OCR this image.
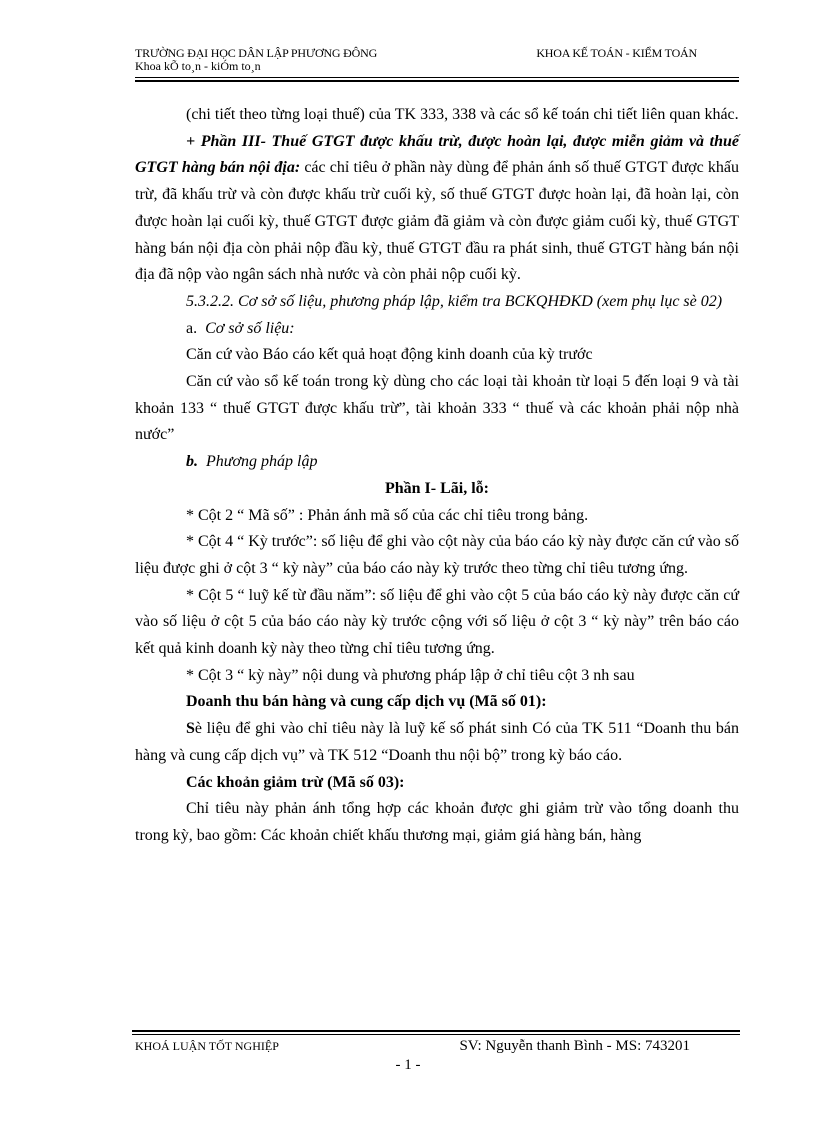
TRƯỜNG ĐẠI HỌC DÂN LẬP PHƯƠNG ĐÔNG	KHOA KẾ TOÁN - KIỂM TOÁN
Khoa kÕ to¸n - kiÓm to¸n

(chi tiết theo từng loại thuế) của TK 333, 338 và các sổ kế toán chi tiết liên quan khác.

+ Phần III- Thuế GTGT được khấu trừ, được hoàn lại, được miễn giảm và thuế GTGT hàng bán nội địa: các chỉ tiêu ở phần này dùng để phản ánh số thuế GTGT được khấu trừ, đã khấu trừ và còn được khấu trừ cuối kỳ, số thuế GTGT được hoàn lại, đã hoàn lại, còn được hoàn lại cuối kỳ, thuế GTGT được giảm đã giảm và còn được giảm cuối kỳ, thuế GTGT hàng bán nội địa còn phải nộp đầu kỳ, thuế GTGT đầu ra phát sinh, thuế GTGT hàng bán nội địa đã nộp vào ngân sách nhà nước và còn phải nộp cuối kỳ.

5.3.2.2. Cơ sở số liệu, phương pháp lập, kiểm tra BCKQHĐKD (xem phụ lục sè 02)

a. Cơ sở số liệu:

Căn cứ vào Báo cáo kết quả hoạt động kinh doanh của kỳ trước

Căn cứ vào sổ kế toán trong kỳ dùng cho các loại tài khoản từ loại 5 đến loại 9 và tài khoản 133 “ thuế GTGT được khấu trừ”, tài khoản 333 “ thuế và các khoản phải nộp nhà nước”

b. Phương pháp lập

Phần I- Lãi, lỗ:

* Cột 2 “ Mã số” : Phản ánh mã số của các chỉ tiêu trong bảng.

* Cột 4 “ Kỳ trước”: số liệu để ghi vào cột này của báo cáo kỳ này được căn cứ vào số liệu được ghi ở cột 3 “ kỳ này” của báo cáo này kỳ trước theo từng chỉ tiêu tương ứng.

* Cột 5 “ luỹ kế từ đầu năm”: số liệu để ghi vào cột 5 của báo cáo kỳ này được căn cứ vào số liệu ở cột 5 của báo cáo này kỳ trước cộng với số liệu ở cột 3 “ kỳ này” trên báo cáo kết quả kinh doanh kỳ này theo từng chỉ tiêu tương ứng.

* Cột 3 “ kỳ này” nội dung và phương pháp lập ở chỉ tiêu cột 3 nh sau

Doanh thu bán hàng và cung cấp dịch vụ (Mã số 01):

Sè liệu để ghi vào chỉ tiêu này là luỹ kế số phát sinh Có của TK 511 “Doanh thu bán hàng và cung cấp dịch vụ” và TK 512 “Doanh thu nội bộ” trong kỳ báo cáo.

Các khoản giảm trừ (Mã số 03):

Chỉ tiêu này phản ánh tổng hợp các khoản được ghi giảm trừ vào tổng doanh thu trong kỳ, bao gồm: Các khoản chiết khấu thương mại, giảm giá hàng bán, hàng

KHOÁ LUẬN TỐT NGHIỆP	SV: Nguyễn thanh Bình - MS: 743201
- 1 -
